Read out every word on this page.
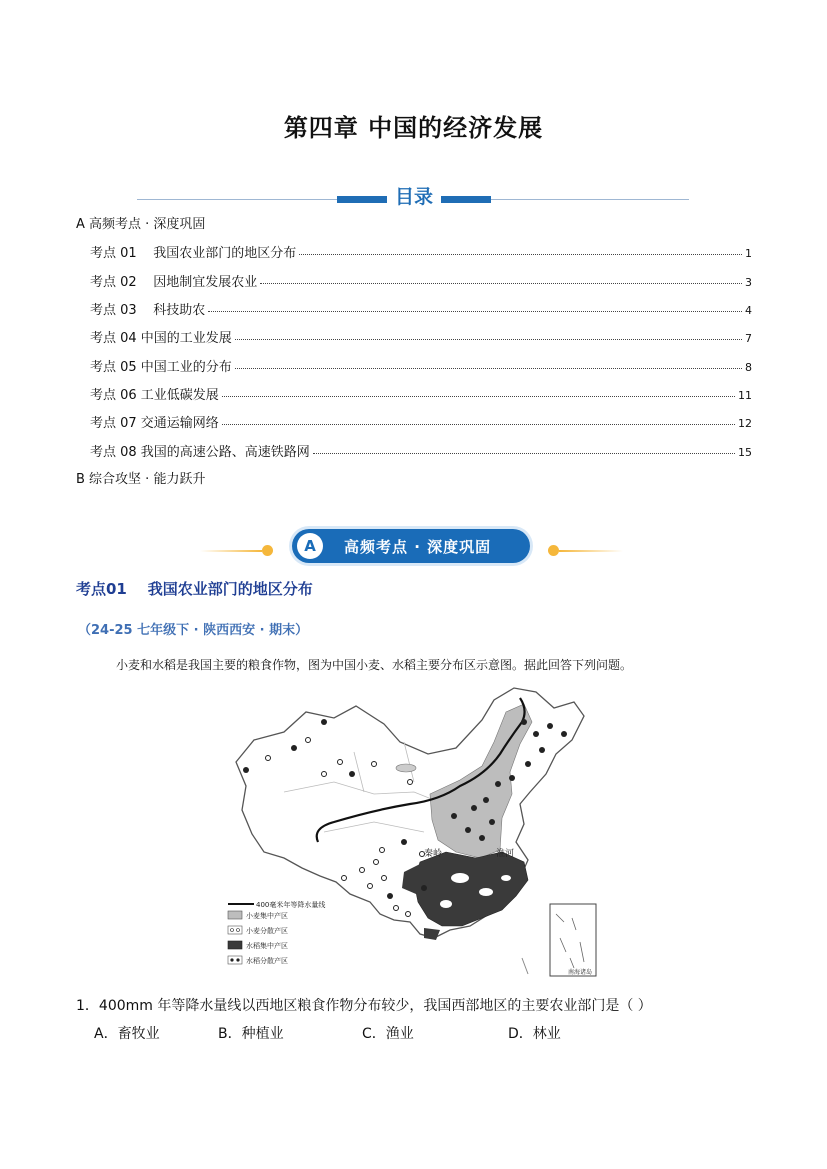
第四章 中国的经济发展
目录
A 高频考点 · 深度巩固
考点 01    我国农业部门的地区分布	1
考点 02    因地制宜发展农业	3
考点 03    科技助农	4
考点 04 中国的工业发展	7
考点 05 中国工业的分布	8
考点 06 工业低碳发展	11
考点 07 交通运输网络	12
考点 08 我国的高速公路、高速铁路网	15
B 综合攻坚 · 能力跃升
A	高频考点 · 深度巩固
考点01    我国农业部门的地区分布
（24-25 七年级下 · 陕西西安 · 期末）
小麦和水稻是我国主要的粮食作物，图为中国小麦、水稻主要分布区示意图。据此回答下列问题。
秦岭	淮河
400毫米年等降水量线
小麦集中产区
小麦分散产区
水稻集中产区
水稻分散产区
南海诸岛
1．400mm 年等降水量线以西地区粮食作物分布较少，我国西部地区的主要农业部门是（ ）
A．畜牧业	B．种植业	C．渔业	D．林业
